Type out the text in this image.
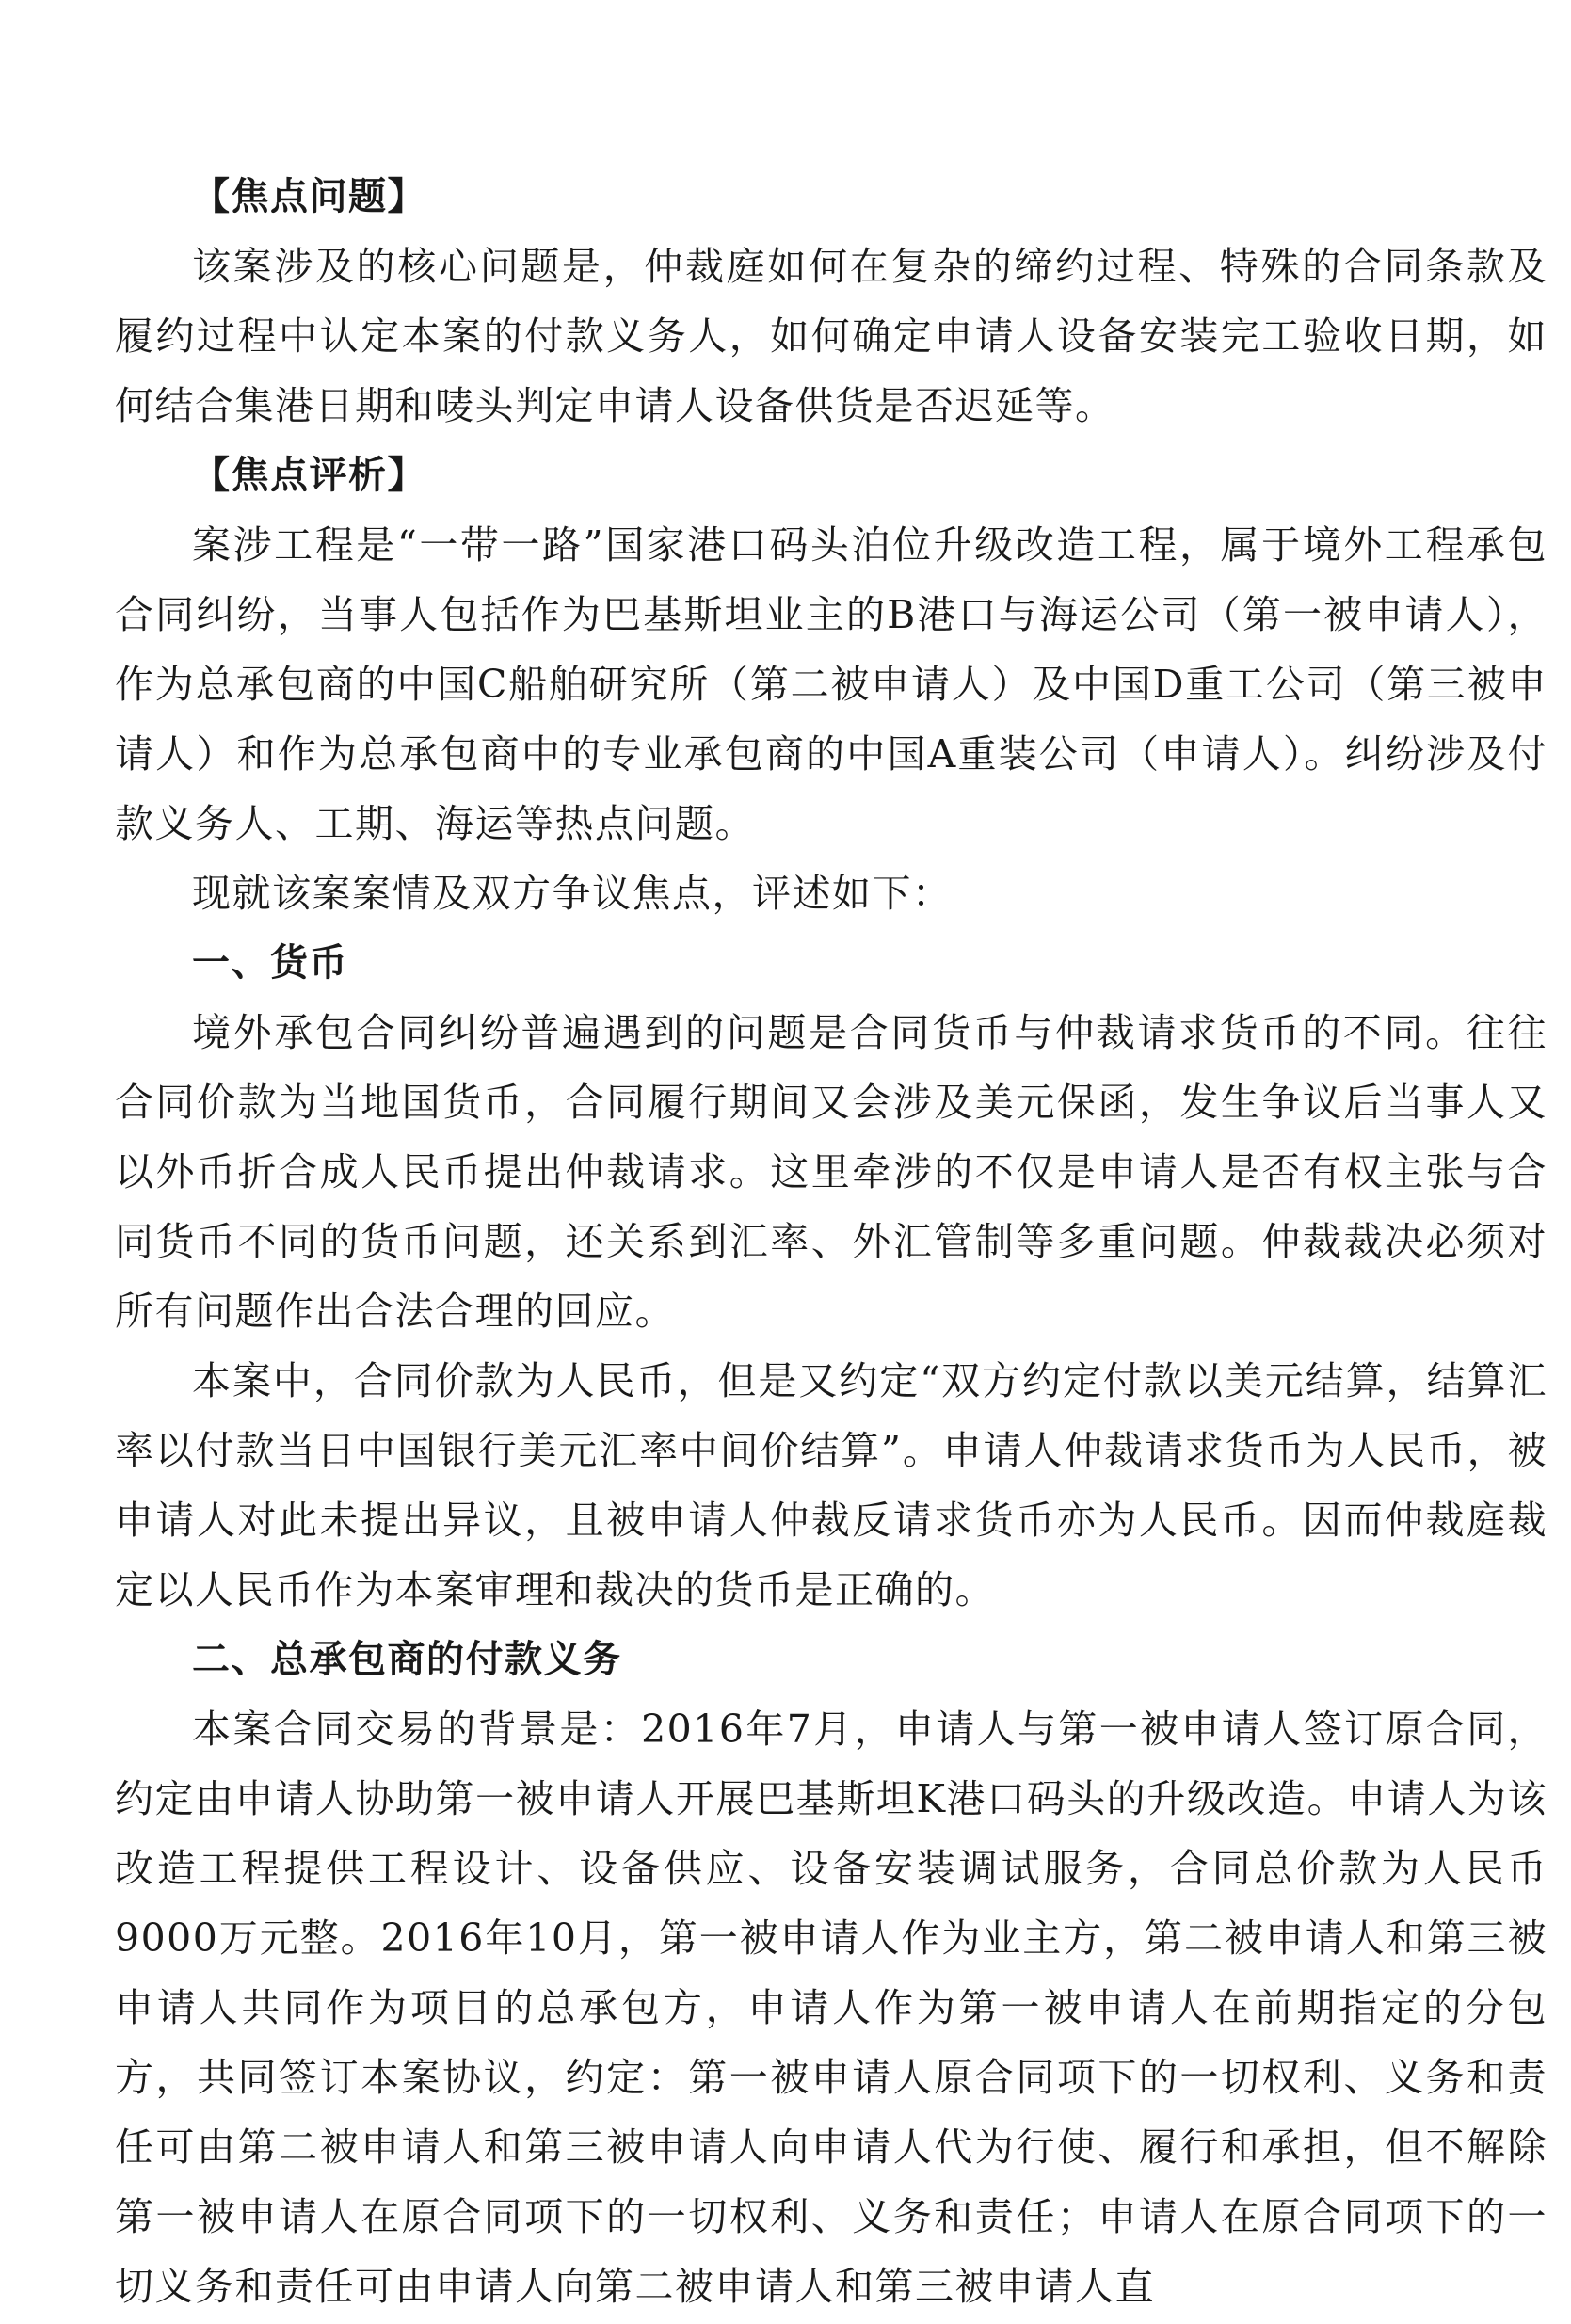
【焦点问题】

该案涉及的核心问题是，仲裁庭如何在复杂的缔约过程、特殊的合同条款及履约过程中认定本案的付款义务人，如何确定申请人设备安装完工验收日期，如何结合集港日期和唛头判定申请人设备供货是否迟延等。

【焦点评析】

案涉工程是“一带一路”国家港口码头泊位升级改造工程，属于境外工程承包合同纠纷，当事人包括作为巴基斯坦业主的B港口与海运公司（第一被申请人），作为总承包商的中国C船舶研究所（第二被申请人）及中国D重工公司（第三被申请人）和作为总承包商中的专业承包商的中国A重装公司（申请人）。纠纷涉及付款义务人、工期、海运等热点问题。

现就该案案情及双方争议焦点，评述如下：

一、货币

境外承包合同纠纷普遍遇到的问题是合同货币与仲裁请求货币的不同。往往合同价款为当地国货币，合同履行期间又会涉及美元保函，发生争议后当事人又以外币折合成人民币提出仲裁请求。这里牵涉的不仅是申请人是否有权主张与合同货币不同的货币问题，还关系到汇率、外汇管制等多重问题。仲裁裁决必须对所有问题作出合法合理的回应。

本案中，合同价款为人民币，但是又约定“双方约定付款以美元结算，结算汇率以付款当日中国银行美元汇率中间价结算”。申请人仲裁请求货币为人民币，被申请人对此未提出异议，且被申请人仲裁反请求货币亦为人民币。因而仲裁庭裁定以人民币作为本案审理和裁决的货币是正确的。

二、总承包商的付款义务

本案合同交易的背景是：2016年7月，申请人与第一被申请人签订原合同，约定由申请人协助第一被申请人开展巴基斯坦K港口码头的升级改造。申请人为该改造工程提供工程设计、设备供应、设备安装调试服务，合同总价款为人民币9000万元整。2016年10月，第一被申请人作为业主方，第二被申请人和第三被申请人共同作为项目的总承包方，申请人作为第一被申请人在前期指定的分包方，共同签订本案协议，约定：第一被申请人原合同项下的一切权利、义务和责任可由第二被申请人和第三被申请人向申请人代为行使、履行和承担，但不解除第一被申请人在原合同项下的一切权利、义务和责任；申请人在原合同项下的一切义务和责任可由申请人向第二被申请人和第三被申请人直
